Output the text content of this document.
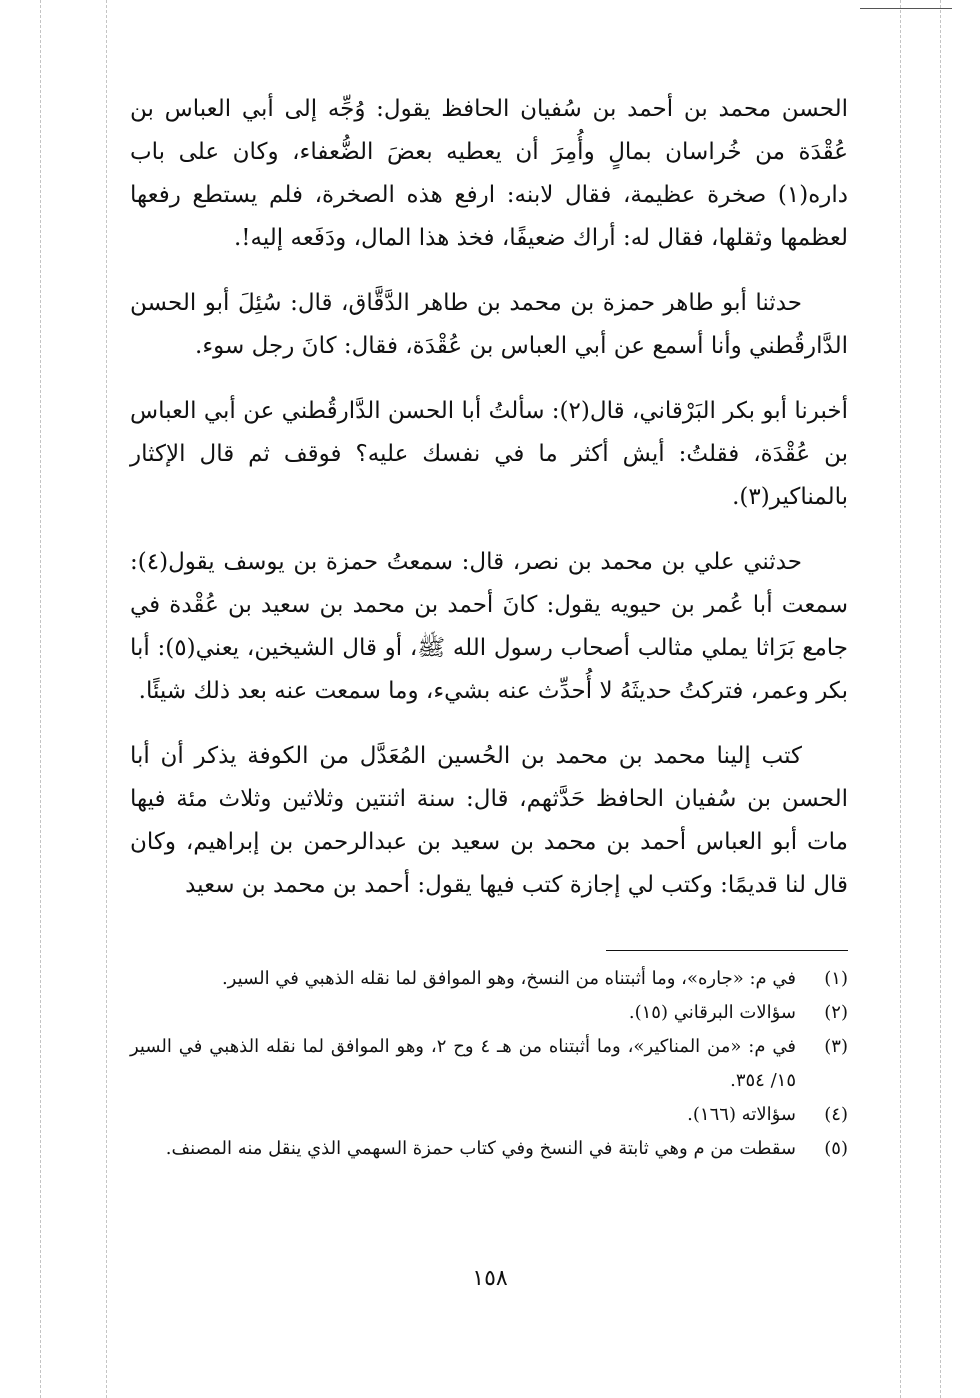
الحسن محمد بن أحمد بن سُفيان الحافظ يقول: وُجِّه إلى أبي العباس بن عُقْدَة من خُراسان بمالٍ وأُمِرَ أن يعطيه بعضَ الضُّعفاء، وكان على باب داره(١) صخرة عظيمة، فقال لابنه: ارفع هذه الصخرة، فلم يستطع رفعها لعظمها وثقلها، فقال له: أراك ضعيفًا، فخذ هذا المال، ودَفَعه إليه!.

حدثنا أبو طاهر حمزة بن محمد بن طاهر الدَّقَّاق، قال: سُئِلَ أبو الحسن الدَّارقُطني وأنا أسمع عن أبي العباس بن عُقْدَة، فقال: كانَ رجل سوء.

أخبرنا أبو بكر البَرْقاني، قال(٢): سألتُ أبا الحسن الدَّارقُطني عن أبي العباس بن عُقْدَة، فقلتُ: أيش أكثر ما في نفسك عليه؟ فوقف ثم قال الإكثار بالمناكير(٣).

حدثني علي بن محمد بن نصر، قال: سمعتُ حمزة بن يوسف يقول(٤): سمعت أبا عُمر بن حيويه يقول: كانَ أحمد بن محمد بن سعيد بن عُقْدة في جامع بَرَاثا يملي مثالب أصحاب رسول الله ﷺ، أو قال الشيخين، يعني(٥): أبا بكر وعمر، فتركتُ حديثَهُ لا أُحدِّث عنه بشيء، وما سمعت عنه بعد ذلك شيئًا.

كتب إلينا محمد بن محمد بن الحُسين المُعَدَّل من الكوفة يذكر أن أبا الحسن بن سُفيان الحافظ حَدَّثهم، قال: سنة اثنتين وثلاثين وثلاث مئة فيها مات أبو العباس أحمد بن محمد بن سعيد بن عبدالرحمن بن إبراهيم، وكان قال لنا قديمًا: وكتب لي إجازة كتب فيها يقول: أحمد بن محمد بن سعيد

(١)
في م: «جاره»، وما أثبتناه من النسخ، وهو الموافق لما نقله الذهبي في السير.
(٢)
سؤالات البرقاني (١٥).
(٣)
في م: «من المناكير»، وما أثبتناه من هـ ٤ وح ٢، وهو الموافق لما نقله الذهبي في السير ١٥/ ٣٥٤.
(٤)
سؤالاته (١٦٦).
(٥)
سقطت من م وهي ثابتة في النسخ وفي كتاب حمزة السهمي الذي ينقل منه المصنف.
١٥٨
